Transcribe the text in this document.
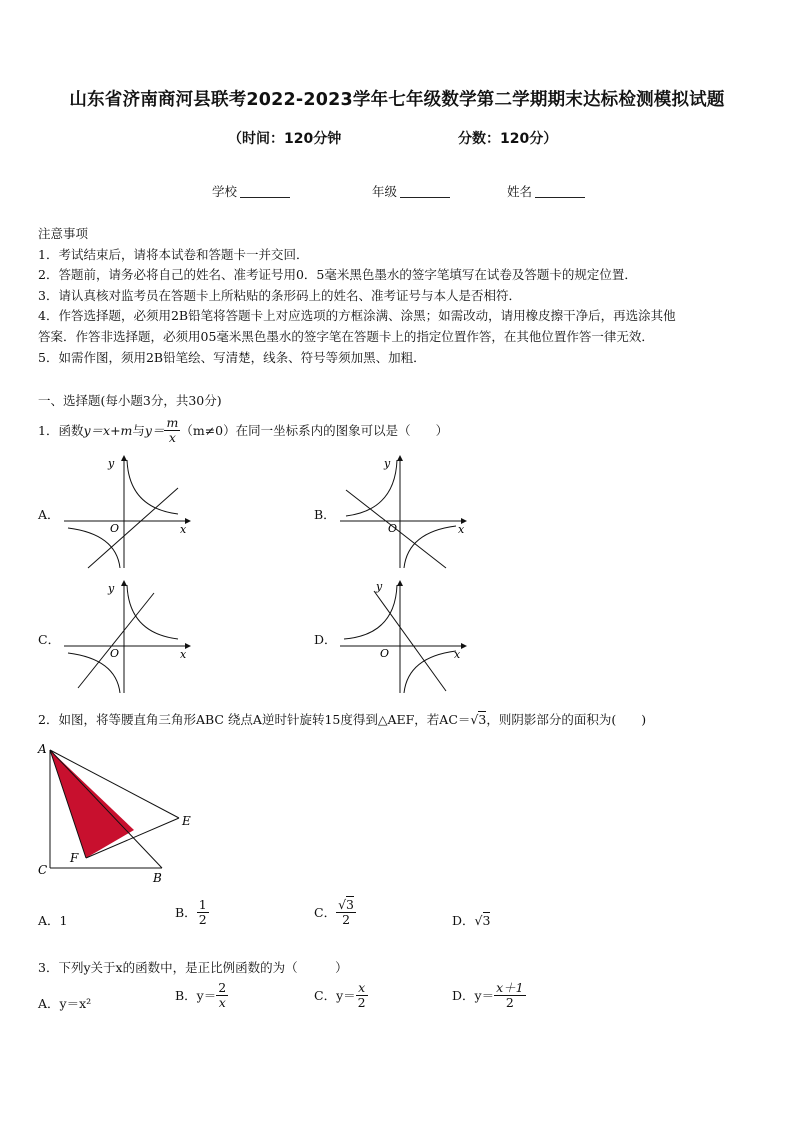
山东省济南商河县联考2022-2023学年七年级数学第二学期期末达标检测模拟试题
（时间：120分钟	分数：120分）
学校	年级	姓名
注意事项
1．考试结束后，请将本试卷和答题卡一并交回．
2．答题前，请务必将自己的姓名、准考证号用0．5毫米黑色墨水的签字笔填写在试卷及答题卡的规定位置．
3．请认真核对监考员在答题卡上所粘贴的条形码上的姓名、准考证号与本人是否相符．
4．作答选择题，必须用2B铅笔将答题卡上对应选项的方框涂满、涂黑；如需改动，请用橡皮擦干净后，再选涂其他
答案．作答非选择题，必须用05毫米黑色墨水的签字笔在答题卡上的指定位置作答，在其他位置作答一律无效．
5．如需作图，须用2B铅笔绘、写清楚，线条、符号等须加黑、加粗．
一、选择题(每小题3分，共30分)
1．函数 y＝x+m 与 $y= \frac{m}{x} (m\ne 0)$在同一坐标系内的图象可以是（　　）
A．	B．
C．	D．
y
x
O
y
x
O
y
x
O
y
x
O
2．如图，将等腰直角三角形ABC 绕点A逆时针旋转15度得到△AEF，若AC＝ √3 ，则阴影部分的面积为(　　)
A
C
B
E
F
A．1
B． $\frac{1}{2}$	C． $\frac{√3}{2}$	D．√3
3．下列y关于x的函数中，是正比例函数的为（　　　）
A．y＝x²
B．$y= \frac{2}{x}$	C．$y= \frac{x}{2}$	D．$y= \frac{x+1}{2}$
